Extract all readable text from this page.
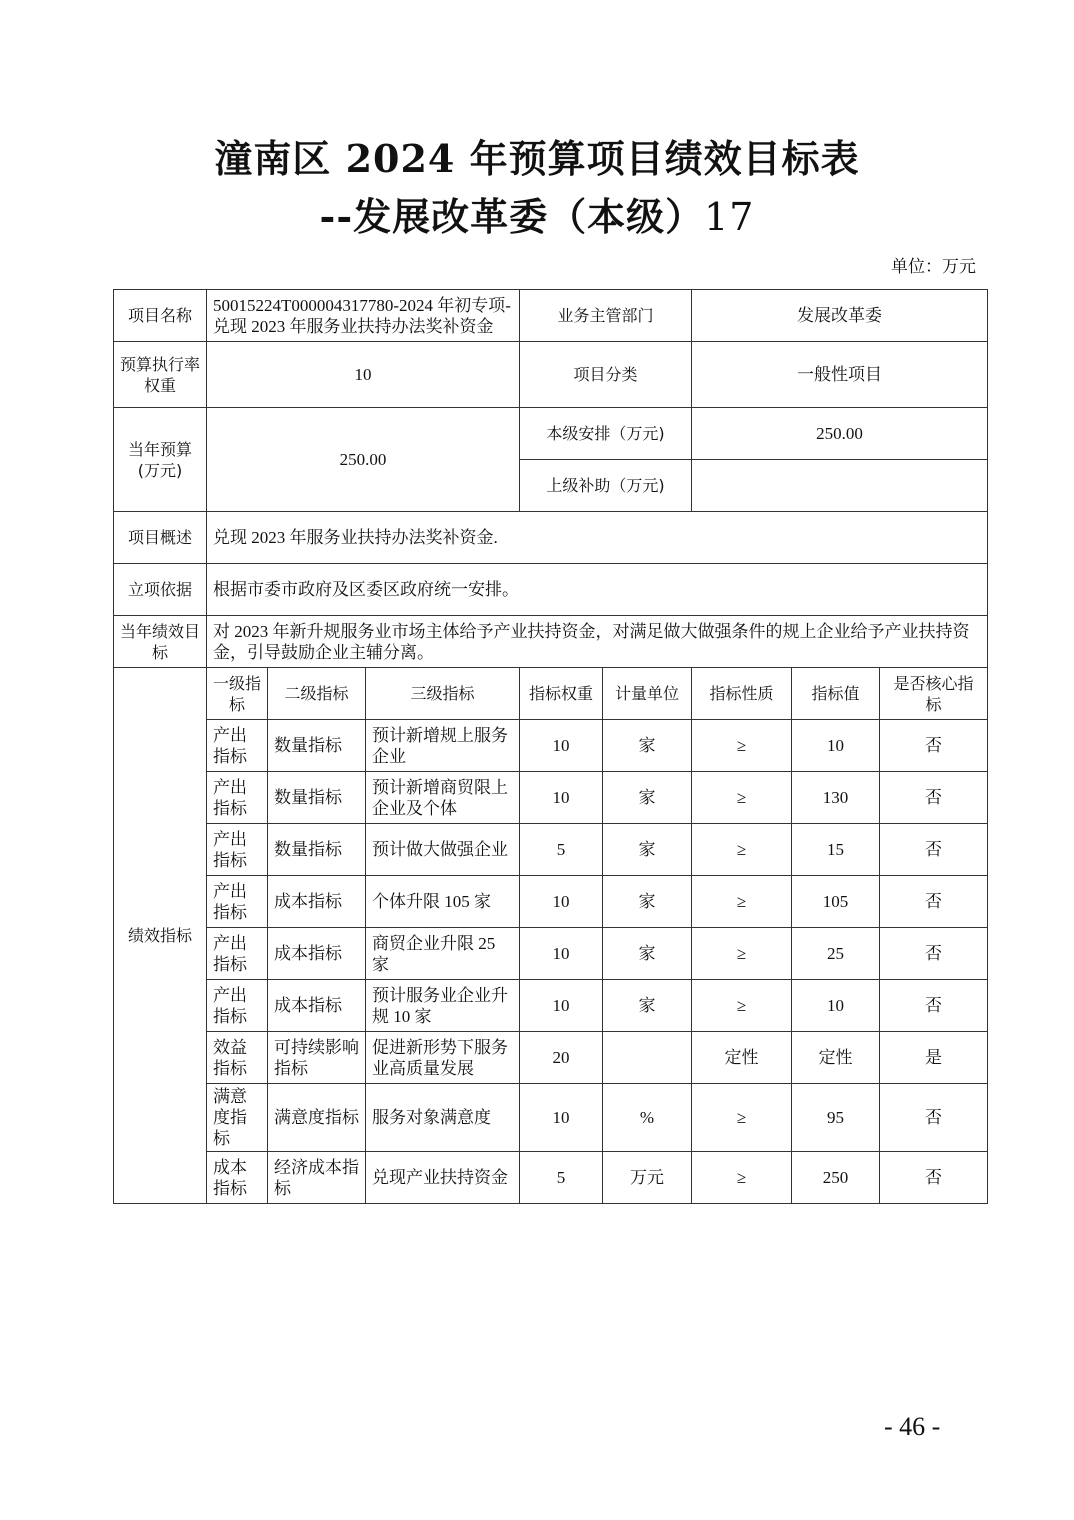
潼南区 2024 年预算项目绩效目标表
--发展改革委（本级）17
单位：万元
项目名称	50015224T000004317780-2024 年初专项-兑现 2023 年服务业扶持办法奖补资金			业务主管部门		发展改革委		
预算执行率权重	10			项目分类		一般性项目		
当年预算(万元)	250.00			本级安排（万元)		250.00		
				上级补助（万元)				
项目概述	兑现 2023 年服务业扶持办法奖补资金.							
立项依据	根据市委市政府及区委区政府统一安排。							
当年绩效目标	对 2023 年新升规服务业市场主体给予产业扶持资金，对满足做大做强条件的规上企业给予产业扶持资金，引导鼓励企业主辅分离。							
绩效指标	一级指标	二级指标	三级指标	指标权重	计量单位	指标性质	指标值	是否核心指标
	产出指标	数量指标	预计新增规上服务企业	10	家	≥	10	否
	产出指标	数量指标	预计新增商贸限上企业及个体	10	家	≥	130	否
	产出指标	数量指标	预计做大做强企业	5	家	≥	15	否
	产出指标	成本指标	个体升限 105 家	10	家	≥	105	否
	产出指标	成本指标	商贸企业升限 25 家	10	家	≥	25	否
	产出指标	成本指标	预计服务业企业升规 10 家	10	家	≥	10	否
	效益指标	可持续影响指标	促进新形势下服务业高质量发展	20		定性	定性	是
	满意度指标	满意度指标	服务对象满意度	10	%	≥	95	否
	成本指标	经济成本指标	兑现产业扶持资金	5	万元	≥	250	否
- 46 -
